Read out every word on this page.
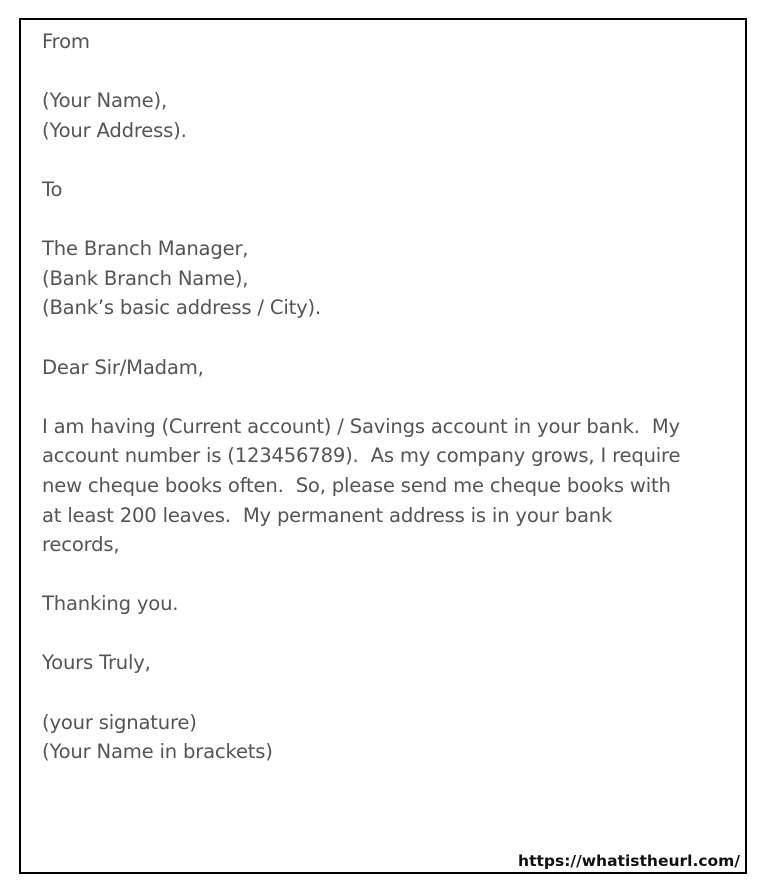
From

(Your Name),
(Your Address).

To

The Branch Manager,
(Bank Branch Name),
(Bank’s basic address / City).

Dear Sir/Madam,

I am having (Current account) / Savings account in your bank.  My
account number is (123456789).  As my company grows, I require
new cheque books often.  So, please send me cheque books with
at least 200 leaves.  My permanent address is in your bank
records,

Thanking you.

Yours Truly,

(your signature)
(Your Name in brackets)
https://whatistheurl.com/
